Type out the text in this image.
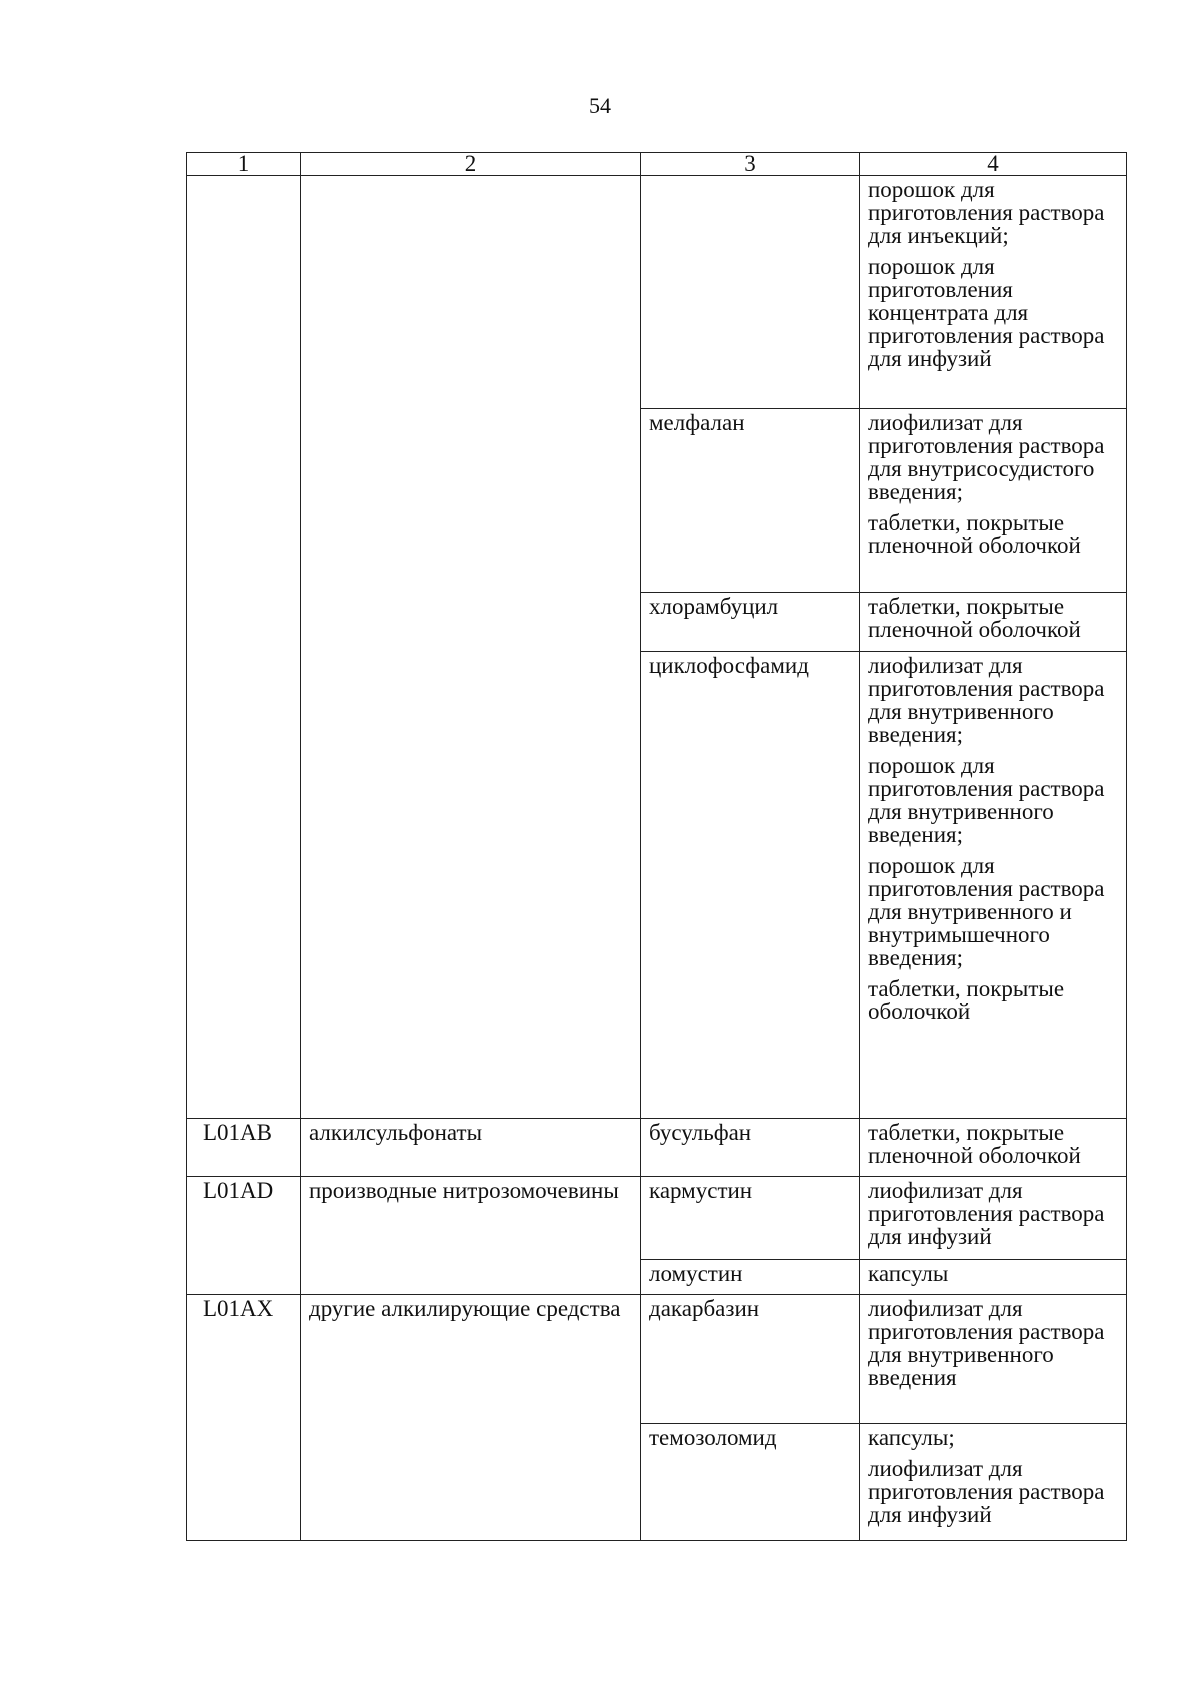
54
1	2	3	4

			порошок для приготовления раствора для инъекций;
порошок для приготовления концентрата для приготовления раствора для инфузий

		мелфалан	лиофилизат для приготовления раствора для внутрисосудистого введения;
таблетки, покрытые пленочной оболочкой

		хлорамбуцил	таблетки, покрытые пленочной оболочкой

		циклофосфамид	лиофилизат для приготовления раствора для внутривенного введения;
порошок для приготовления раствора для внутривенного введения;
порошок для приготовления раствора для внутривенного и внутримышечного введения;
таблетки, покрытые оболочкой

L01AB	алкилсульфонаты	бусульфан	таблетки, покрытые пленочной оболочкой

L01AD	производные нитрозомочевины	кармустин	лиофилизат для приготовления раствора для инфузий

		ломустин	капсулы

L01AX	другие алкилирующие средства	дакарбазин	лиофилизат для приготовления раствора для внутривенного введения

		темозоломид	капсулы;
лиофилизат для приготовления раствора для инфузий
